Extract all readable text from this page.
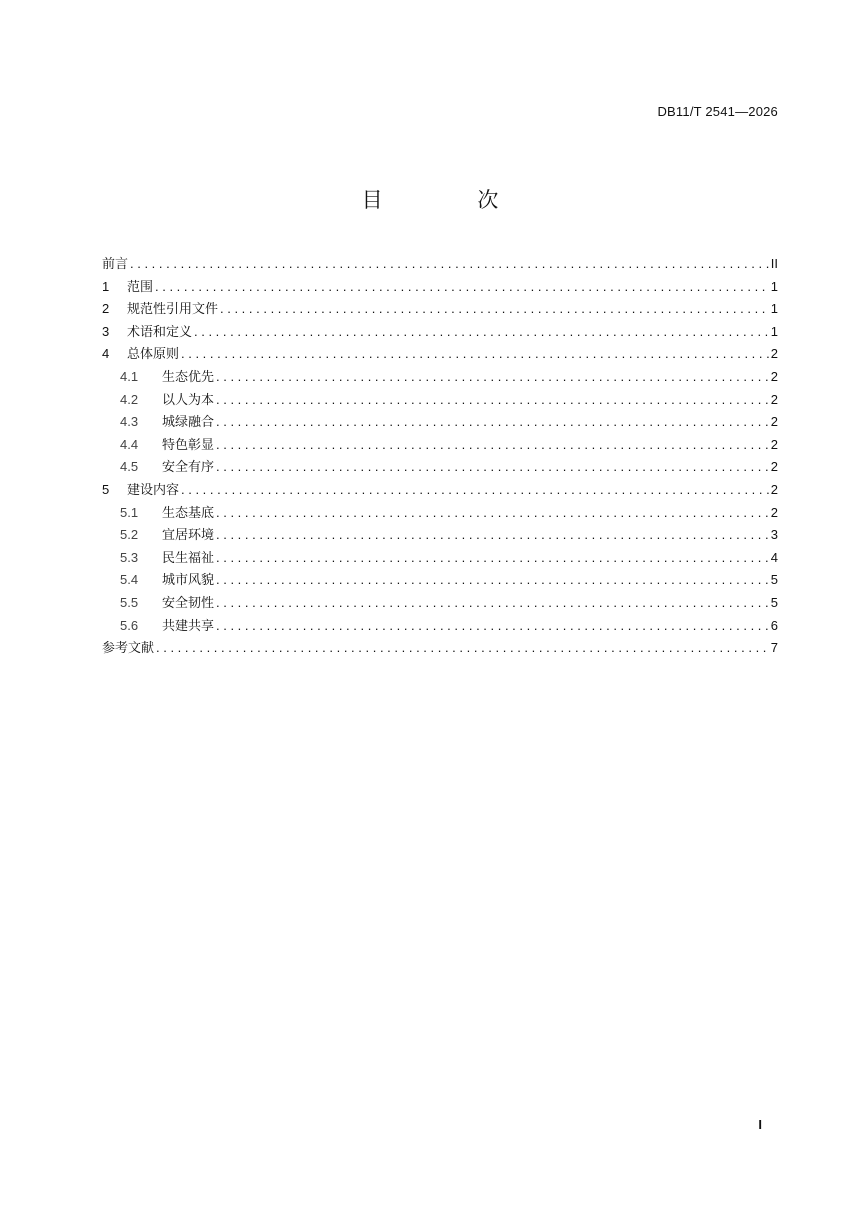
DB11/T 2541—2026
目 次
前言 . . .	II
1	范围 . . .	1
2	规范性引用文件 . . .	1
3	术语和定义 . . .	1
4	总体原则 . . .	2
4.1	生态优先 . . .	2
4.2	以人为本 . . .	2
4.3	城绿融合 . . .	2
4.4	特色彰显 . . .	2
4.5	安全有序 . . .	2
5	建设内容 . . .	2
5.1	生态基底 . . .	2
5.2	宜居环境 . . .	3
5.3	民生福祉 . . .	4
5.4	城市风貌 . . .	5
5.5	安全韧性 . . .	5
5.6	共建共享 . . .	6
参考文献 . . .	7
I
